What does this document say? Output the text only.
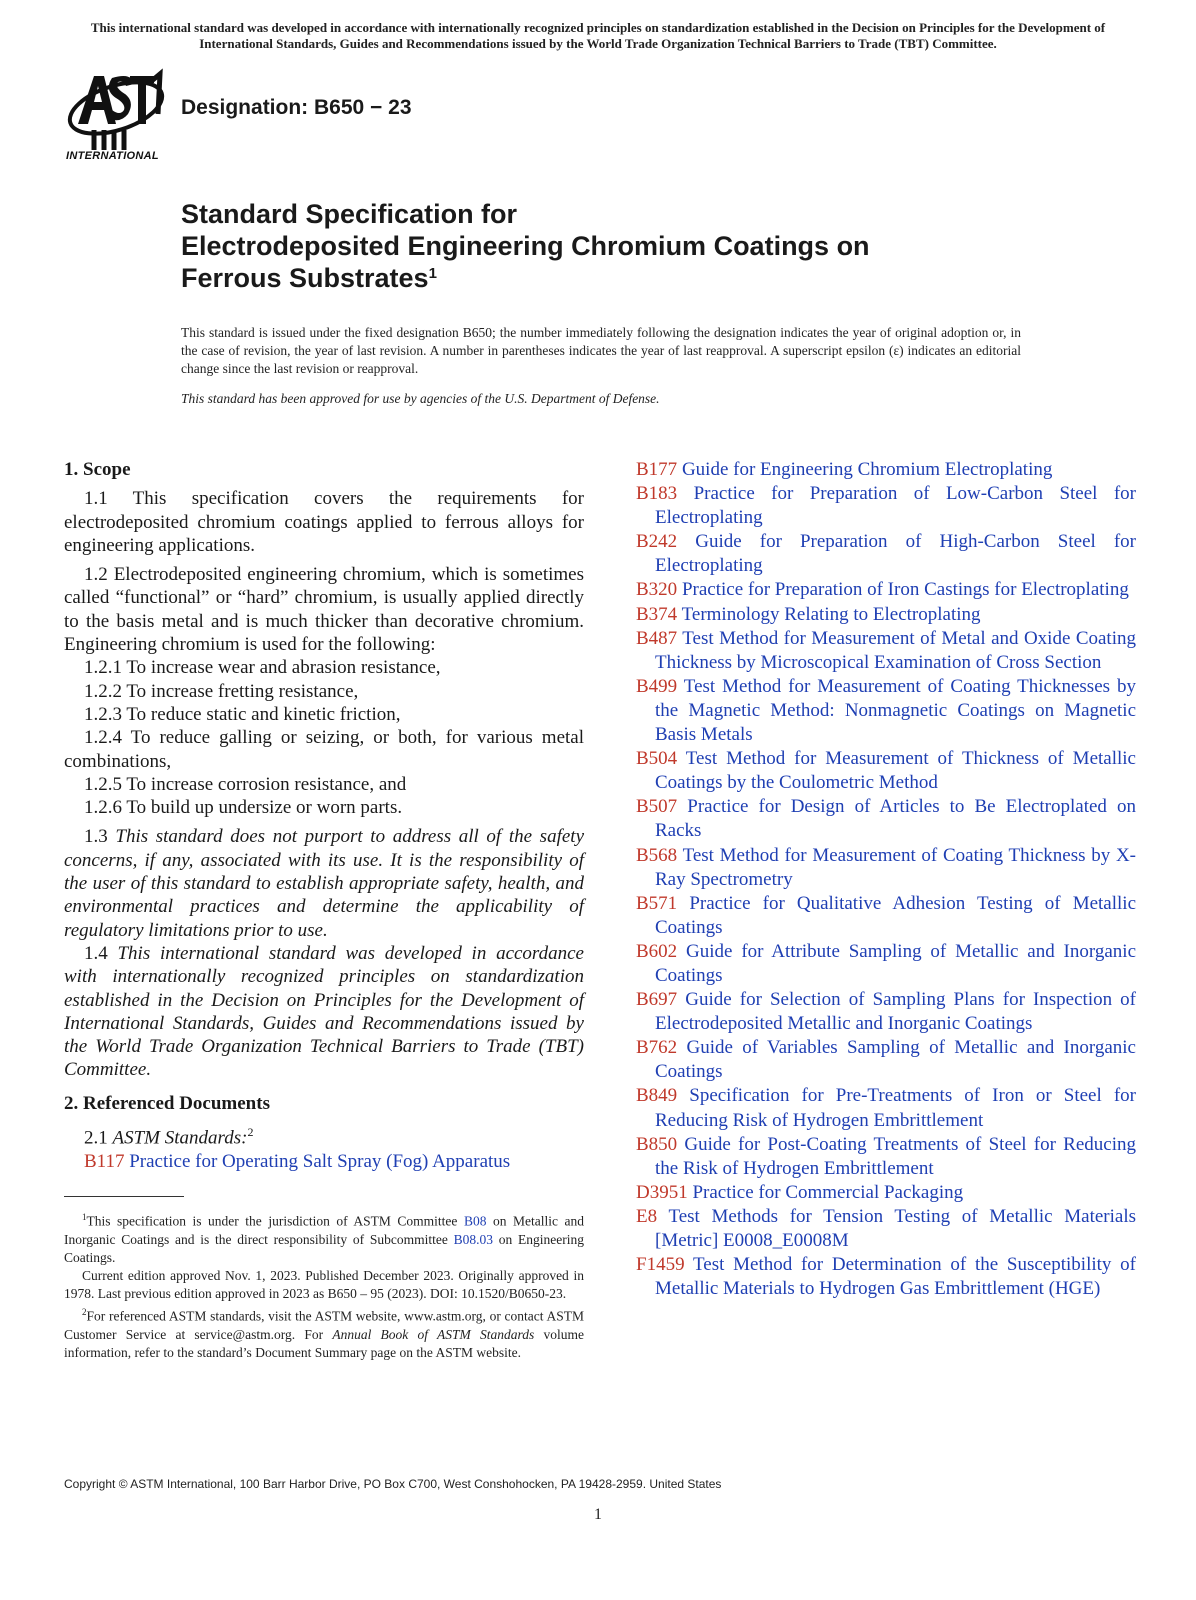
This international standard was developed in accordance with internationally recognized principles on standardization established in the Decision on Principles for the Development of International Standards, Guides and Recommendations issued by the World Trade Organization Technical Barriers to Trade (TBT) Committee.
INTERNATIONAL
Designation: B650 − 23
Standard Specification for
Electrodeposited Engineering Chromium Coatings on
Ferrous Substrates$^1$
This standard is issued under the fixed designation B650; the number immediately following the designation indicates the year of original adoption or, in the case of revision, the year of last revision. A number in parentheses indicates the year of last reapproval. A superscript epsilon (ε) indicates an editorial change since the last revision or reapproval.
This standard has been approved for use by agencies of the U.S. Department of Defense.

1. Scope

1.1 This specification covers the requirements for electrodeposited chromium coatings applied to ferrous alloys for engineering applications.

1.2 Electrodeposited engineering chromium, which is sometimes called “functional” or “hard” chromium, is usually applied directly to the basis metal and is much thicker than decorative chromium. Engineering chromium is used for the following:

1.2.1 To increase wear and abrasion resistance,

1.2.2 To increase fretting resistance,

1.2.3 To reduce static and kinetic friction,

1.2.4 To reduce galling or seizing, or both, for various metal combinations,

1.2.5 To increase corrosion resistance, and

1.2.6 To build up undersize or worn parts.

1.3 This standard does not purport to address all of the safety concerns, if any, associated with its use. It is the responsibility of the user of this standard to establish appropriate safety, health, and environmental practices and determine the applicability of regulatory limitations prior to use.

1.4 This international standard was developed in accordance with internationally recognized principles on standardization established in the Decision on Principles for the Development of International Standards, Guides and Recommendations issued by the World Trade Organization Technical Barriers to Trade (TBT) Committee.

2. Referenced Documents

2.1 ASTM Standards:$^2$

B117 Practice for Operating Salt Spray (Fog) Apparatus

$^1$This specification is under the jurisdiction of ASTM Committee B08 on Metallic and Inorganic Coatings and is the direct responsibility of Subcommittee B08.03 on Engineering Coatings.

Current edition approved Nov. 1, 2023. Published December 2023. Originally approved in 1978. Last previous edition approved in 2023 as B650 – 95 (2023). DOI: 10.1520/B0650-23.

$^2$For referenced ASTM standards, visit the ASTM website, www.astm.org, or contact ASTM Customer Service at service@astm.org. For Annual Book of ASTM Standards volume information, refer to the standard’s Document Summary page on the ASTM website.

B177 Guide for Engineering Chromium Electroplating

B183 Practice for Preparation of Low-Carbon Steel for Electroplating

B242 Guide for Preparation of High-Carbon Steel for Electroplating

B320 Practice for Preparation of Iron Castings for Electroplating

B374 Terminology Relating to Electroplating

B487 Test Method for Measurement of Metal and Oxide Coating Thickness by Microscopical Examination of Cross Section

B499 Test Method for Measurement of Coating Thicknesses by the Magnetic Method: Nonmagnetic Coatings on Magnetic Basis Metals

B504 Test Method for Measurement of Thickness of Metallic Coatings by the Coulometric Method

B507 Practice for Design of Articles to Be Electroplated on Racks

B568 Test Method for Measurement of Coating Thickness by X-Ray Spectrometry

B571 Practice for Qualitative Adhesion Testing of Metallic Coatings

B602 Guide for Attribute Sampling of Metallic and Inorganic Coatings

B697 Guide for Selection of Sampling Plans for Inspection of Electrodeposited Metallic and Inorganic Coatings

B762 Guide of Variables Sampling of Metallic and Inorganic Coatings

B849 Specification for Pre-Treatments of Iron or Steel for Reducing Risk of Hydrogen Embrittlement

B850 Guide for Post-Coating Treatments of Steel for Reducing the Risk of Hydrogen Embrittlement

D3951 Practice for Commercial Packaging

E8 Test Methods for Tension Testing of Metallic Materials [Metric] E0008_E0008M

F1459 Test Method for Determination of the Susceptibility of Metallic Materials to Hydrogen Gas Embrittlement (HGE)

Copyright © ASTM International, 100 Barr Harbor Drive, PO Box C700, West Conshohocken, PA 19428-2959. United States
1
